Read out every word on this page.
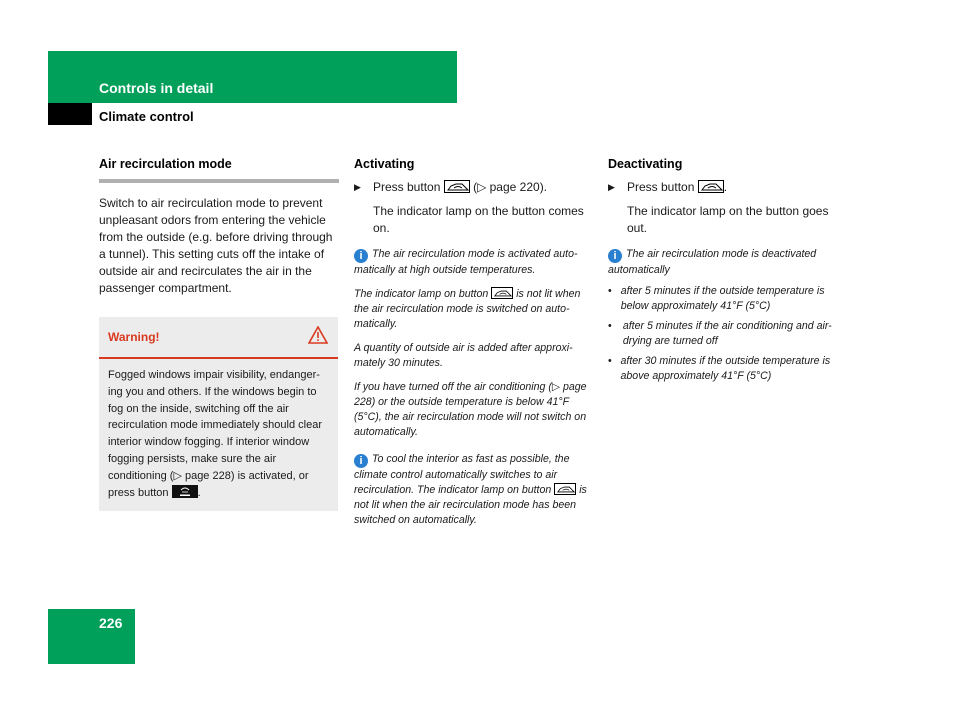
Controls in detail
Climate control
Air recirculation mode

Switch to air recirculation mode to prevent unpleasant odors from entering the vehicle from the outside (e.g. before driving through a tunnel). This setting cuts off the intake of outside air and recirculates the air in the passenger compartment.

Warning!
Fogged windows impair visibility, endanger-ing you and others. If the windows begin to fog on the inside, switching off the air recirculation mode immediately should clear interior window fogging. If interior window fogging persists, make sure the air conditioning (▷ page 228) is activated, or press button	.
Activating
▶	Press button	(▷ page 220).

The indicator lamp on the button comes on.

i The air recirculation mode is activated auto-matically at high outside temperatures.

The indicator lamp on button	is not lit when the air recirculation mode is switched on auto-matically.

A quantity of outside air is added after approxi-mately 30 minutes.

If you have turned off the air conditioning (▷ page 228) or the outside temperature is below 41°F (5°C), the air recirculation mode will not switch on automatically.

i To cool the interior as fast as possible, the climate control automatically switches to air recirculation. The indicator lamp on button	is not lit when the air recirculation mode has been switched on automatically.

Deactivating
▶	Press button .

The indicator lamp on the button goes out.

i The air recirculation mode is deactivated automatically

• after 5 minutes if the outside temperature is below approximately 41°F (5°C)
•	after 5 minutes if the air conditioning and air-drying are turned off
• after 30 minutes if the outside temperature is above approximately 41°F (5°C)
226
